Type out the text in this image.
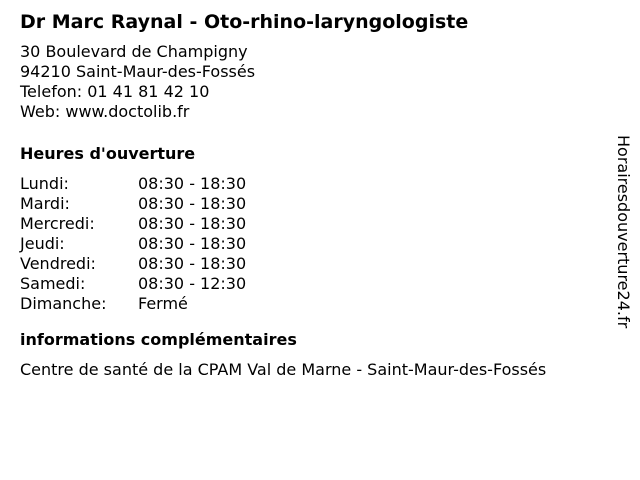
Dr Marc Raynal - Oto-rhino-laryngologiste
30 Boulevard de Champigny
94210 Saint-Maur-des-Fossés
Telefon: 01 41 81 42 10
Web: www.doctolib.fr
Heures d'ouverture
Lundi:	08:30 - 18:30
Mardi:	08:30 - 18:30
Mercredi:	08:30 - 18:30
Jeudi:	08:30 - 18:30
Vendredi:	08:30 - 18:30
Samedi:	08:30 - 12:30
Dimanche:	Fermé
informations complémentaires
Centre de santé de la CPAM Val de Marne - Saint-Maur-des-Fossés
Horairesdouverture24.fr
